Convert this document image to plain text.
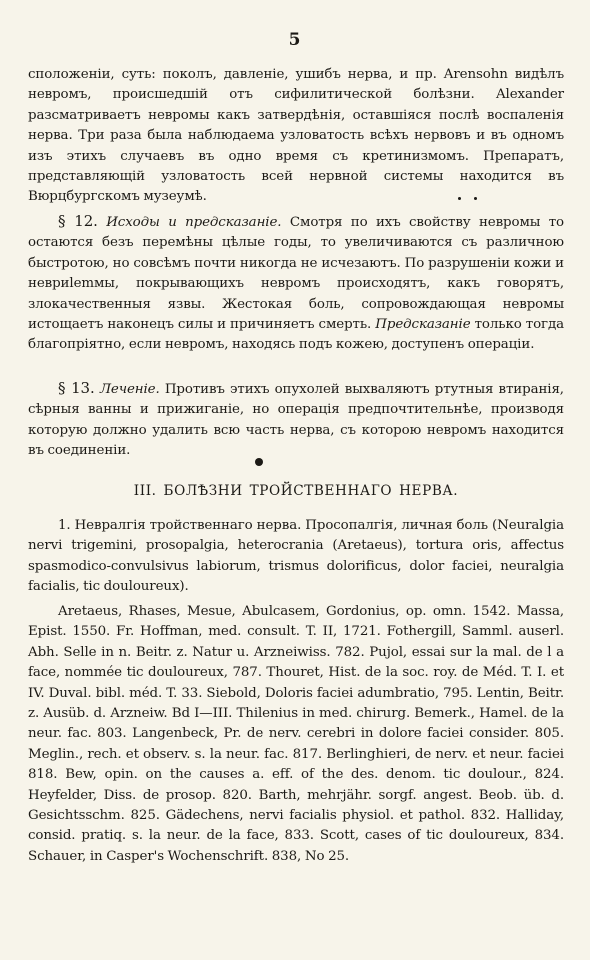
5
сположеніи, суть: поколъ, давленіе, ушибъ нерва, и пр. Arensohn видѣлъ невромъ, происшедшій отъ сифилитической болѣзни. Alexander разсматриваетъ невромы какъ затвердѣнія, оставшіяся послѣ воспаленія нерва. Три раза была наблюдаема узловатость всѣхъ нервовъ и въ одномъ изъ этихъ случаевъ въ одно время съ кретинизмомъ. Препаратъ, представляющій узловатость всей нервной системы находится въ Вюрцбургскомъ музеумѣ.
§ 12. Исходы и предсказаніе. Смотря по ихъ свойству невромы то остаются безъ перемѣны цѣлые годы, то увеличиваются съ различною быстротою, но совсѣмъ почти никогда не исчезаютъ. По разрушеніи кожи и невриlemмы, покрывающихъ невромъ происходятъ, какъ говорятъ, злокачественныя язвы. Жестокая боль, сопровождающая невромы истощаетъ наконецъ силы и причиняетъ смерть. Предсказаніе только тогда благопріятно, если невромъ, находясь подъ кожею, доступенъ операціи.
§ 13. Леченіе. Противъ этихъ опухолей выхваляютъ ртутныя втиранія, сѣрныя ванны и прижиганіе, но операція предпочтительнѣе, производя которую должно удалить всю часть нерва, съ которою невромъ находится въ соединеніи.
III. БОЛѢЗНИ ТРОЙСТВЕННАГО НЕРВА.
1. Невралгія тройственнаго нерва. Просопалгія, личная боль (Neuralgia nervi trigemini, prosopalgia, heterocrania (Aretaeus), tortura oris, affectus spasmodico-convulsivus labiorum, trismus dolorificus, dolor faciei, neuralgia facialis, tic douloureux).
Aretaeus, Rhases, Mesue, Abulcasem, Gordonius, op. omn. 1542. Massa, Epist. 1550. Fr. Hoffman, med. consult. T. II, 1721. Fothergill, Samml. auserl. Abh. Selle in n. Beitr. z. Natur u. Arzneiwiss. 782. Pujol, essai sur la mal. de l a face, nommée tic douloureux, 787. Thouret, Hist. de la soc. roy. de Méd. T. I. et IV. Duval. bibl. méd. T. 33. Siebold, Doloris faciei adumbratio, 795. Lentin, Beitr. z. Ausüb. d. Arzneiw. Bd I—III. Thilenius in med. chirurg. Bemerk., Hamel. de la neur. fac. 803. Langenbeck, Pr. de nerv. cerebri in dolore faciei consider. 805. Meglin., rech. et observ. s. la neur. fac. 817. Berlinghieri, de nerv. et neur. faciei 818. Bew, opin. on the causes a. eff. of the des. denom. tic doulour., 824. Heyfelder, Diss. de prosop. 820. Barth, mehrjähr. sorgf. angest. Beob. üb. d. Gesichtsschm. 825. Gädechens, nervi facialis physiol. et pathol. 832. Halliday, consid. pratiq. s. la neur. de la face, 833. Scott, cases of tic douloureux, 834. Schauer, in Casper's Wochenschrift. 838, No 25.
